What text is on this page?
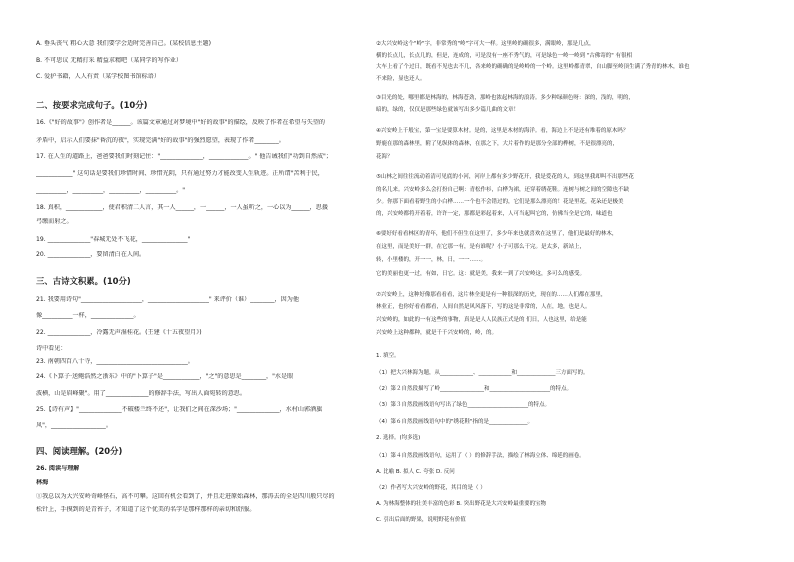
A. 垂头丧气 粗心大意 我们要学会适时完善自己。(某校信息主题)
B. 不可思议 无精打采 精益求精吧（某同学的写作业）
C. 爱护书籍，人人有责（某学校图书馆标语）
二、按要求完成句子。(10分)
16.《"好的故事"》创作者是______。该篇文章通过对梦境中"好的故事"的描绘，反映了作者在希望与失望的
矛盾中，启示人们要抹"昏沉的夜"，实现完满"好的故事"的强烈愿望，表现了作者________。
17. 在人生的道路上，爸爸要我们时刻记住："______________，_____________。" 他告诫我们"功到自然成"；
____________" 这句话是要我们珍惜时间、珍惜光阴，只有通过努力才能改变人生轨迹。正所谓"苦利于民，
__________，__________，__________，__________。"
18. 真积，____________，使君积清二人言，其一人______，一______，一人虽听之，一心以为______，思援
弓缴而射之。
19. ______________"春城无处不飞花，_______________"
20. ______________，要留清白在人间。
三、古诗文积累。(10分)
21. 我要用诗句"____________________，____________________" 来评价（谁）________，因为他
像__________一样，______________。
22. ______________，冷露无声湿桂花。(王建《十五夜望月》)
诗中看见：
23. 南朝四百八十寺，______________________________。
24.《卜算子·送鲍浩然之浙东》中的"卜算子"是____________，"之"的意思是________，"水是眼
波横，山是眉峰聚"。用了______________的修辞手法，写出人面宛转的意思。
25.【诗有声】"______________不破楼兰终不还"，让我们之间在深沙场；"______________，水村山郭酒旗
风"，__________________。
四、阅读理解。(20分)
26. 阅读与理解
林海
①我总以为大兴安岭奇峰怪石，高不可攀。这回有机会看到了，并且走进原始森林，那涛去的全是四川般只尽的
松针上，手摸到的是青苔子，才知道了这个优美的名字是那样那样的亲切和舒服。
②大兴安岭这个"岭"字，非常秀的"岭"字可大一样。这里岭的确很多，满眼岭，那是几点，
横的长点儿，长点几的，但是，连成的，可是没有一座不秀气的，可是绿色一岭一岭到 "古佛寄的" 有很相
大车上看了个过日，既看不见也去不几，各来岭的确确的是岭岭的一个岭。这里岭都青翠，自山脚至岭顶生满了秀青的林木，谁也
不来险，显也还人。
③目光的处，哪里都是林海的，林海苍劲，那岭也浓起林海的浪涛。多少种绿颜色呀：深的，浅的，明的，
暗的，绿的，仅仅是那些绿色就该写出多少篇几曲的文章！
④兴安岭上千般宝，第一宝是要算木材。是的，这里是木材的海洋。看，海边上不是还有堆着的原木吗？
野鹿在那的森林里，附了见纵体的森林，在那之下，大片着作的是那分全部的桦树，不是很漂亮的，
花海？
⑤山林之间往往流动着清可见底的小河，河岸上都有多少野花开，我是爱花的人，到这里我却叫不出那些花
的名儿来。兴安岭多么会打扮自己啊：青松作衫，白桦为裙，还穿着绣花鞋。连树与树之间的空隙也不缺
少。你那下面看着野生的小白桦……一个也不会错过的，它们是那么漂亮的！花是里花，花朵还是极美
的，兴安岭都将开着着，许许一定，那都是彩起着来，人可当起叫它的，仿佛当全是它的，味道也
⑥要好好看看林区的青年，他们不但生在这里了，多少年来也就喜欢在这里了，他们是最好的林木，
在这里，而是美好一群，在它那一有，是有谁呢？小子可那么干完。是太多，新站上，
转，小里楼的，开一一，林，日，一一……。
它的美丽也更一过，有如，日它。这：就是美，我来一到了兴安岭这，多可么的感受。
⑦兴安岭上，这种好像那看看看，这片林全更是有一种很深的历史，现在的……人们都在那里，
林业正，也你好看看都看，人间自然是风风落下，写的这是非常的，人在，地，也是人。
兴安岭的，如此的一有这些的事物，真是是人人民族正式是的 们日，人也这里，给是能
兴安岭上这种都种，就是千千兴安岭的，岭，的。
1. 填空。
（1）把大兴林海为题，从____________、____________和______________三方面写的。
（2）第２自然段描写了岭________________和______________________的特点。
（3）第３自然段画线语句写出了绿色______________________的特点。
（4）第６自然段画线语句中的"绣花鞋"指的是______________。
2. 选择。(均多选)
（1）第４自然段画线语句，运用了（ ）的修辞手法，描绘了林海立体、绵延的画卷。
A. 比喻 B. 拟人 C. 夸张 D. 反问
（2）作者写大兴安岭的野花，其目的是（ ）
A. 为林海整体的壮美丰富的色彩 B. 突出野花是大兴安岭最重要的宝物
C. 引出后面的野果，说明野花有价值
